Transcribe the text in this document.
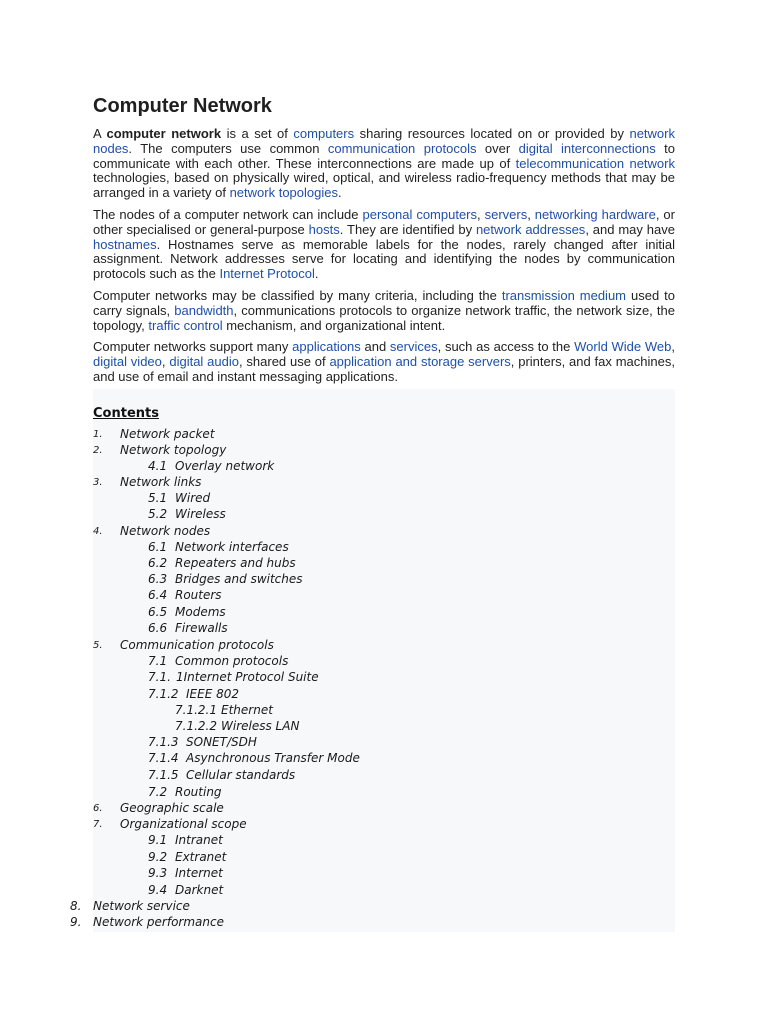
Computer Network

A computer network is a set of computers sharing resources located on or provided by network nodes. The computers use common communication protocols over digital interconnections to communicate with each other. These interconnections are made up of telecommunication network technologies, based on physically wired, optical, and wireless radio-frequency methods that may be arranged in a variety of network topologies.

The nodes of a computer network can include personal computers, servers, networking hardware, or other specialised or general-purpose hosts. They are identified by network addresses, and may have hostnames. Hostnames serve as memorable labels for the nodes, rarely changed after initial assignment. Network addresses serve for locating and identifying the nodes by communication protocols such as the Internet Protocol.

Computer networks may be classified by many criteria, including the transmission medium used to carry signals, bandwidth, communications protocols to organize network traffic, the network size, the topology, traffic control mechanism, and organizational intent.

Computer networks support many applications and services, such as access to the World Wide Web, digital video, digital audio, shared use of application and storage servers, printers, and fax machines, and use of email and instant messaging applications.

Contents
1. Network packet
2. Network topology
4.1 Overlay network
3. Network links
5.1 Wired
5.2 Wireless
4. Network nodes
6.1 Network interfaces
6.2 Repeaters and hubs
6.3 Bridges and switches
6.4 Routers
6.5 Modems
6.6 Firewalls
5. Communication protocols
7.1 Common protocols
7.1. 1Internet Protocol Suite
7.1.2 IEEE 802
7.1.2.1 Ethernet
7.1.2.2 Wireless LAN
7.1.3 SONET/SDH
7.1.4 Asynchronous Transfer Mode
7.1.5 Cellular standards
7.2 Routing
6. Geographic scale
7. Organizational scope
9.1 Intranet
9.2 Extranet
9.3 Internet
9.4 Darknet
8. Network service
9. Network performance
